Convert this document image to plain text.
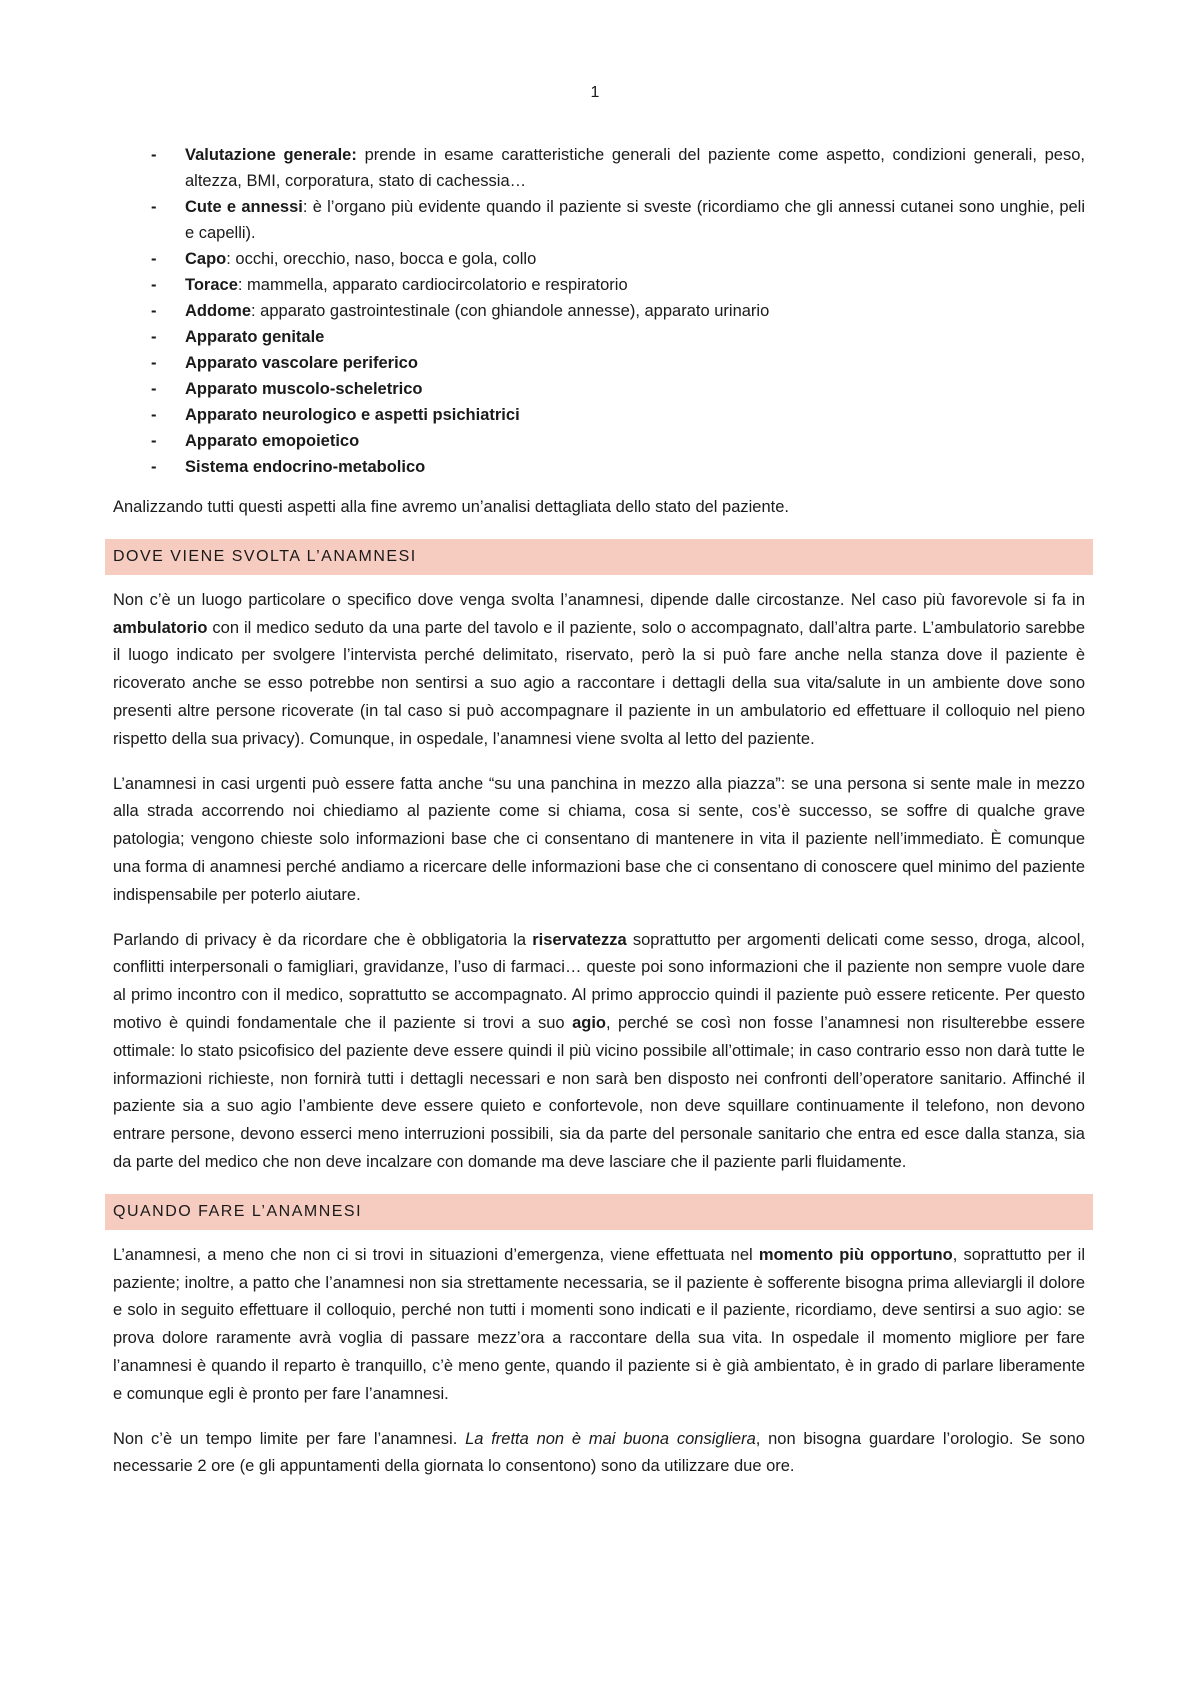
1
- Valutazione generale: prende in esame caratteristiche generali del paziente come aspetto, condizioni generali, peso, altezza, BMI, corporatura, stato di cachessia…
- Cute e annessi: è l’organo più evidente quando il paziente si sveste (ricordiamo che gli annessi cutanei sono unghie, peli e capelli).
- Capo: occhi, orecchio, naso, bocca e gola, collo
- Torace: mammella, apparato cardiocircolatorio e respiratorio
- Addome: apparato gastrointestinale (con ghiandole annesse), apparato urinario
- Apparato genitale
- Apparato vascolare periferico
- Apparato muscolo-scheletrico
- Apparato neurologico e aspetti psichiatrici
- Apparato emopoietico
- Sistema endocrino-metabolico

Analizzando tutti questi aspetti alla fine avremo un’analisi dettagliata dello stato del paziente.

DOVE VIENE SVOLTA L’ANAMNESI

Non c’è un luogo particolare o specifico dove venga svolta l’anamnesi, dipende dalle circostanze. Nel caso più favorevole si fa in ambulatorio con il medico seduto da una parte del tavolo e il paziente, solo o accompagnato, dall’altra parte. L’ambulatorio sarebbe il luogo indicato per svolgere l’intervista perché delimitato, riservato, però la si può fare anche nella stanza dove il paziente è ricoverato anche se esso potrebbe non sentirsi a suo agio a raccontare i dettagli della sua vita/salute in un ambiente dove sono presenti altre persone ricoverate (in tal caso si può accompagnare il paziente in un ambulatorio ed effettuare il colloquio nel pieno rispetto della sua privacy). Comunque, in ospedale, l’anamnesi viene svolta al letto del paziente.

L’anamnesi in casi urgenti può essere fatta anche “su una panchina in mezzo alla piazza”: se una persona si sente male in mezzo alla strada accorrendo noi chiediamo al paziente come si chiama, cosa si sente, cos’è successo, se soffre di qualche grave patologia; vengono chieste solo informazioni base che ci consentano di mantenere in vita il paziente nell’immediato. È comunque una forma di anamnesi perché andiamo a ricercare delle informazioni base che ci consentano di conoscere quel minimo del paziente indispensabile per poterlo aiutare.

Parlando di privacy è da ricordare che è obbligatoria la riservatezza soprattutto per argomenti delicati come sesso, droga, alcool, conflitti interpersonali o famigliari, gravidanze, l’uso di farmaci… queste poi sono informazioni che il paziente non sempre vuole dare al primo incontro con il medico, soprattutto se accompagnato. Al primo approccio quindi il paziente può essere reticente. Per questo motivo è quindi fondamentale che il paziente si trovi a suo agio, perché se così non fosse l’anamnesi non risulterebbe essere ottimale: lo stato psicofisico del paziente deve essere quindi il più vicino possibile all’ottimale; in caso contrario esso non darà tutte le informazioni richieste, non fornirà tutti i dettagli necessari e non sarà ben disposto nei confronti dell’operatore sanitario. Affinché il paziente sia a suo agio l’ambiente deve essere quieto e confortevole, non deve squillare continuamente il telefono, non devono entrare persone, devono esserci meno interruzioni possibili, sia da parte del personale sanitario che entra ed esce dalla stanza, sia da parte del medico che non deve incalzare con domande ma deve lasciare che il paziente parli fluidamente.

QUANDO FARE L’ANAMNESI

L’anamnesi, a meno che non ci si trovi in situazioni d’emergenza, viene effettuata nel momento più opportuno, soprattutto per il paziente; inoltre, a patto che l’anamnesi non sia strettamente necessaria, se il paziente è sofferente bisogna prima alleviargli il dolore e solo in seguito effettuare il colloquio, perché non tutti i momenti sono indicati e il paziente, ricordiamo, deve sentirsi a suo agio: se prova dolore raramente avrà voglia di passare mezz’ora a raccontare della sua vita. In ospedale il momento migliore per fare l’anamnesi è quando il reparto è tranquillo, c’è meno gente, quando il paziente si è già ambientato, è in grado di parlare liberamente e comunque egli è pronto per fare l’anamnesi.

Non c’è un tempo limite per fare l’anamnesi. La fretta non è mai buona consigliera, non bisogna guardare l’orologio. Se sono necessarie 2 ore (e gli appuntamenti della giornata lo consentono) sono da utilizzare due ore.
